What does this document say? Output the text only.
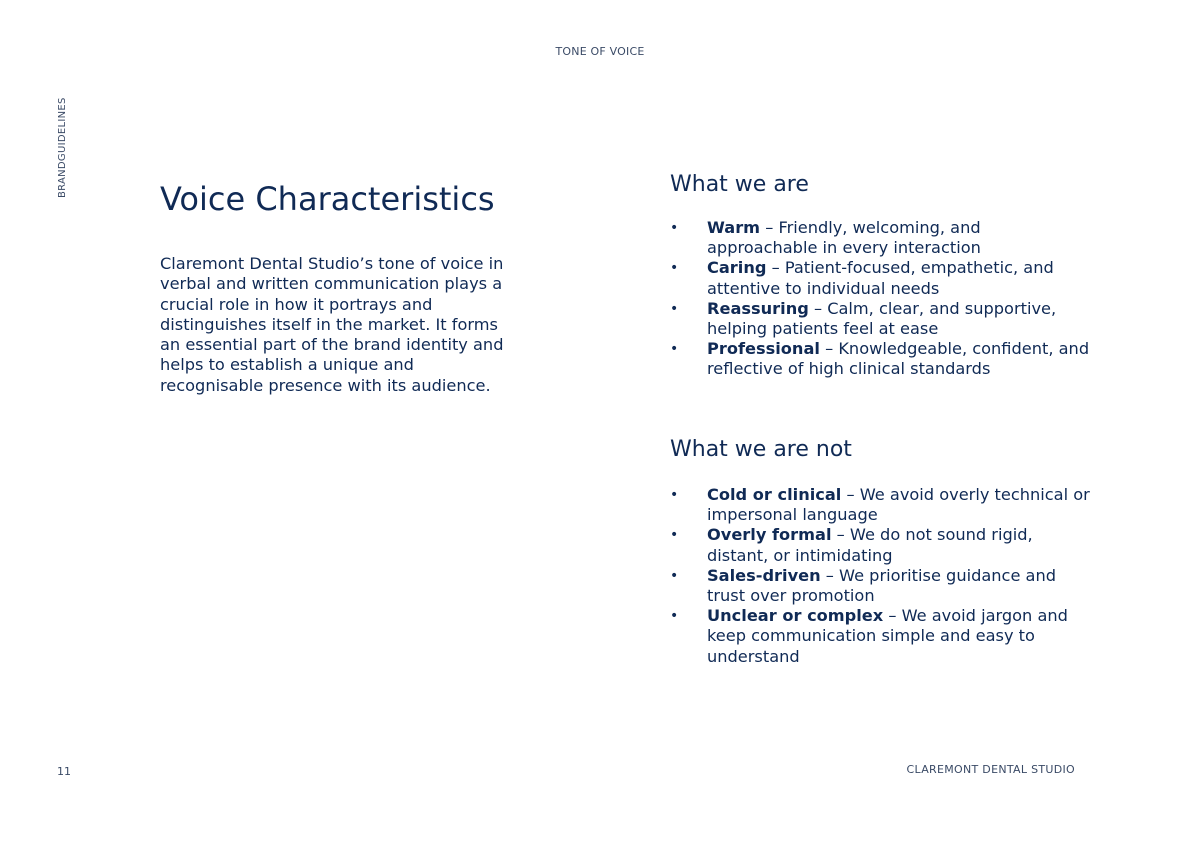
TONE OF VOICE
BRANDGUIDELINES
Voice Characteristics

Claremont Dental Studio’s tone of voice in verbal and written communication plays a crucial role in how it portrays and distinguishes itself in the market. It forms an essential part of the brand identity and helps to establish a unique and recognisable presence with its audience.

What we are
• Warm – Friendly, welcoming, and approachable in every interaction
• Caring – Patient-focused, empathetic, and attentive to individual needs
• Reassuring – Calm, clear, and supportive, helping patients feel at ease
• Professional – Knowledgeable, confident, and reflective of high clinical standards
What we are not
• Cold or clinical – We avoid overly technical or impersonal language
• Overly formal – We do not sound rigid, distant, or intimidating
• Sales-driven – We prioritise guidance and trust over promotion
• Unclear or complex – We avoid jargon and keep communication simple and easy to understand
11	CLAREMONT DENTAL STUDIO
